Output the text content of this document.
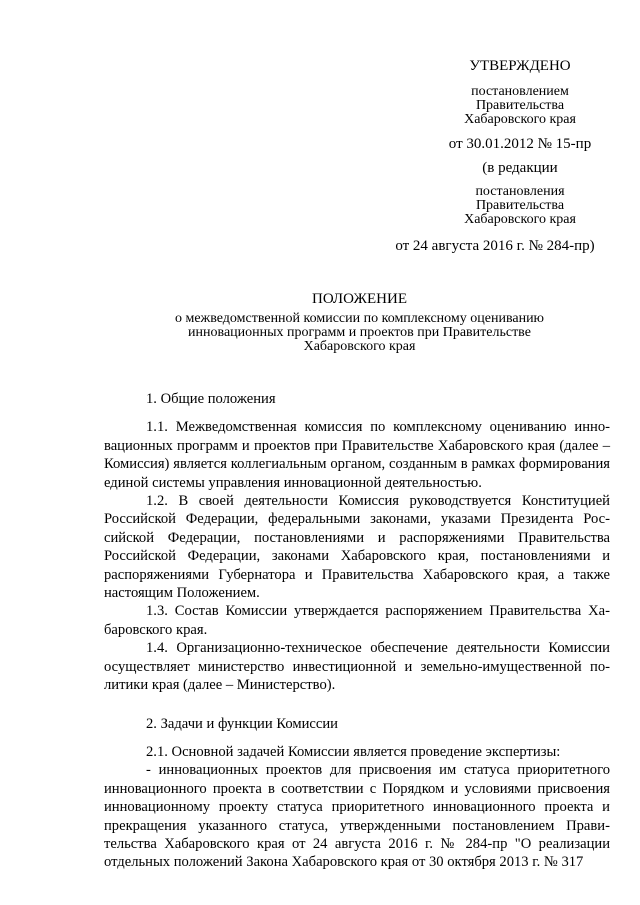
УТВЕРЖДЕНО
постановлением
Правительства
Хабаровского края
от 30.01.2012 № 15-пр
(в редакции
постановления
Правительства
Хабаровского края
от 24 августа 2016 г. № 284-пр)
ПОЛОЖЕНИЕ
о межведомственной комиссии по комплексному оцениванию
инновационных программ и проектов при Правительстве
Хабаровского края
1. Общие положения

1.1. Межведомственная комиссия по комплексному оцениванию инновационных программ и проектов при Правительстве Хабаровского края (далее – Комиссия) является коллегиальным органом, созданным в рамках формирования единой системы управления инновационной деятельностью.

1.2. В своей деятельности Комиссия руководствуется Конституцией Российской Федерации, федеральными законами, указами Президента Российской Федерации, постановлениями и распоряжениями Правительства Российской Федерации, законами Хабаровского края, постановлениями и распоряжениями Губернатора и Правительства Хабаровского края, а также настоящим Положением.

1.3. Состав Комиссии утверждается распоряжением Правительства Хабаровского края.

1.4. Организационно-техническое обеспечение деятельности Комиссии осуществляет министерство инвестиционной и земельно-имущественной политики края (далее – Министерство).

2. Задачи и функции Комиссии

2.1. Основной задачей Комиссии является проведение экспертизы:

- инновационных проектов для присвоения им статуса приоритетного инновационного проекта в соответствии с Порядком и условиями присвоения инновационному проекту статуса приоритетного инновационного проекта и прекращения указанного статуса, утвержденными постановлением Правительства Хабаровского края от 24 августа 2016 г. № 284-пр "О реализации отдельных положений Закона Хабаровского края от 30 октября 2013 г. № 317
